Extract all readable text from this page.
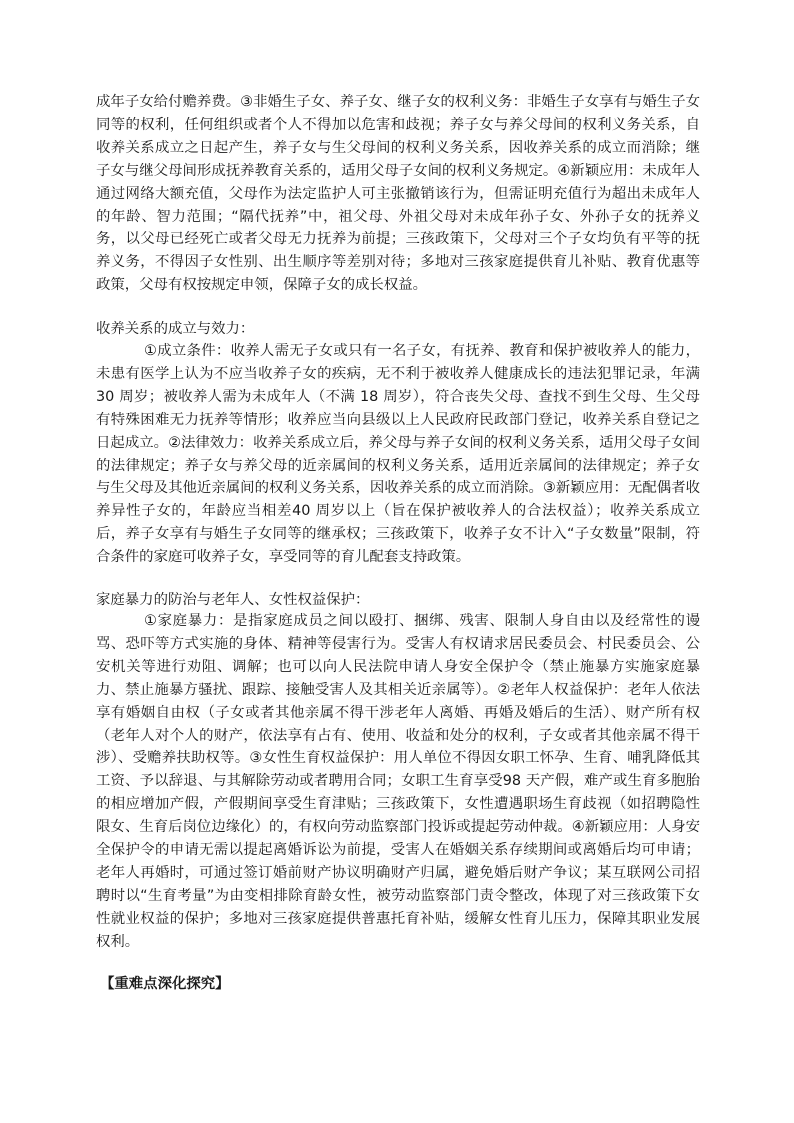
成年子女给付赡养费。③非婚生子女、养子女、继子女的权利义务：非婚生子女享有与婚生子女同等的权利，任何组织或者个人不得加以危害和歧视；养子女与养父母间的权利义务关系，自收养关系成立之日起产生，养子女与生父母间的权利义务关系，因收养关系的成立而消除；继子女与继父母间形成抚养教育关系的，适用父母子女间的权利义务规定。④新颖应用：未成年人通过网络大额充值，父母作为法定监护人可主张撤销该行为，但需证明充值行为超出未成年人的年龄、智力范围；“隔代抚养”中，祖父母、外祖父母对未成年孙子女、外孙子女的抚养义务，以父母已经死亡或者父母无力抚养为前提；三孩政策下，父母对三个子女均负有平等的抚养义务，不得因子女性别、出生顺序等差别对待；多地对三孩家庭提供育儿补贴、教育优惠等政策，父母有权按规定申领，保障子女的成长权益。

收养关系的成立与效力：

①成立条件：收养人需无子女或只有一名子女，有抚养、教育和保护被收养人的能力，未患有医学上认为不应当收养子女的疾病，无不利于被收养人健康成长的违法犯罪记录，年满 30 周岁；被收养人需为未成年人（不满 18 周岁），符合丧失父母、查找不到生父母、生父母有特殊困难无力抚养等情形；收养应当向县级以上人民政府民政部门登记，收养关系自登记之日起成立。②法律效力：收养关系成立后，养父母与养子女间的权利义务关系，适用父母子女间的法律规定；养子女与养父母的近亲属间的权利义务关系，适用近亲属间的法律规定；养子女与生父母及其他近亲属间的权利义务关系，因收养关系的成立而消除。③新颖应用：无配偶者收养异性子女的，年龄应当相差40 周岁以上（旨在保护被收养人的合法权益）；收养关系成立后，养子女享有与婚生子女同等的继承权；三孩政策下，收养子女不计入“子女数量”限制，符合条件的家庭可收养子女，享受同等的育儿配套支持政策。

家庭暴力的防治与老年人、女性权益保护：

①家庭暴力：是指家庭成员之间以殴打、捆绑、残害、限制人身自由以及经常性的谩骂、恐吓等方式实施的身体、精神等侵害行为。受害人有权请求居民委员会、村民委员会、公安机关等进行劝阻、调解；也可以向人民法院申请人身安全保护令（禁止施暴方实施家庭暴力、禁止施暴方骚扰、跟踪、接触受害人及其相关近亲属等）。②老年人权益保护：老年人依法享有婚姻自由权（子女或者其他亲属不得干涉老年人离婚、再婚及婚后的生活）、财产所有权（老年人对个人的财产，依法享有占有、使用、收益和处分的权利，子女或者其他亲属不得干涉）、受赡养扶助权等。③女性生育权益保护：用人单位不得因女职工怀孕、生育、哺乳降低其工资、予以辞退、与其解除劳动或者聘用合同；女职工生育享受98 天产假，难产或生育多胞胎的相应增加产假，产假期间享受生育津贴；三孩政策下，女性遭遇职场生育歧视（如招聘隐性限女、生育后岗位边缘化）的，有权向劳动监察部门投诉或提起劳动仲裁。④新颖应用：人身安全保护令的申请无需以提起离婚诉讼为前提，受害人在婚姻关系存续期间或离婚后均可申请；老年人再婚时，可通过签订婚前财产协议明确财产归属，避免婚后财产争议；某互联网公司招聘时以“生育考量”为由变相排除育龄女性，被劳动监察部门责令整改，体现了对三孩政策下女性就业权益的保护；多地对三孩家庭提供普惠托育补贴，缓解女性育儿压力，保障其职业发展权利。

【重难点深化探究】
